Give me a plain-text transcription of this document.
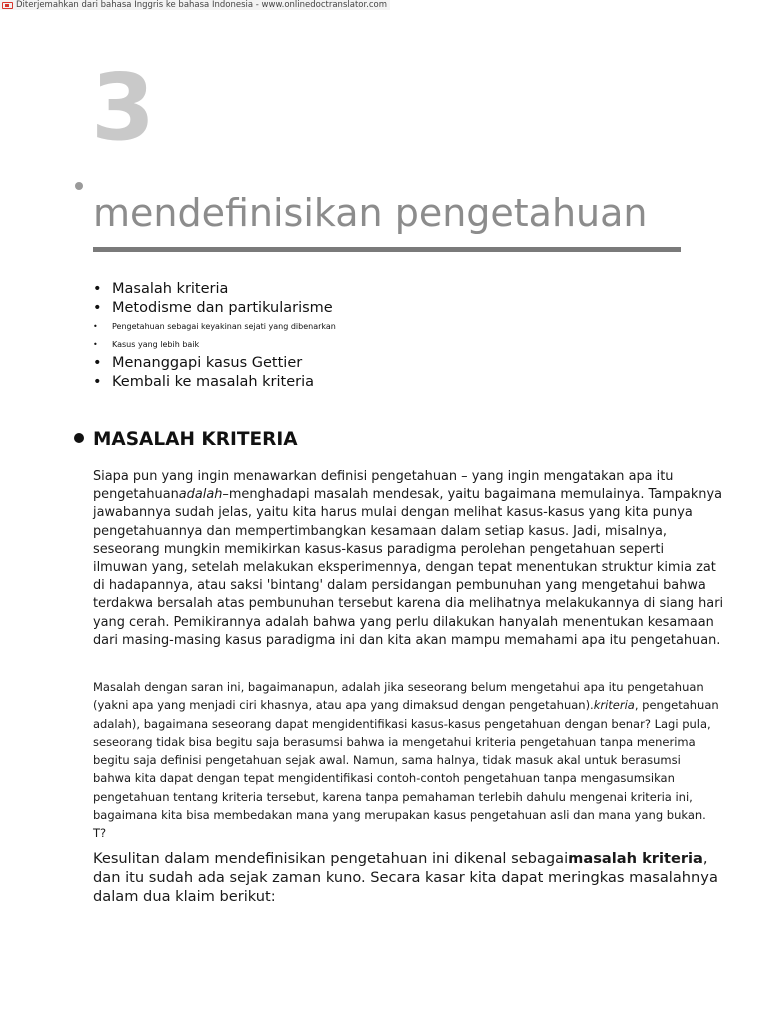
Diterjemahkan dari bahasa Inggris ke bahasa Indonesia - www.onlinedoctranslator.com
3
mendefinisikan pengetahuan
• Masalah kriteria
• Metodisme dan partikularisme
• Pengetahuan sebagai keyakinan sejati yang dibenarkan
• Kasus yang lebih baik
• Menanggapi kasus Gettier
• Kembali ke masalah kriteria
MASALAH KRITERIA

Siapa pun yang ingin menawarkan definisi pengetahuan – yang ingin mengatakan apa itu
pengetahuanadalah–menghadapi masalah mendesak, yaitu bagaimana memulainya. Tampaknya
jawabannya sudah jelas, yaitu kita harus mulai dengan melihat kasus-kasus yang kita punya
pengetahuannya dan mempertimbangkan kesamaan dalam setiap kasus. Jadi, misalnya,
seseorang mungkin memikirkan kasus-kasus paradigma perolehan pengetahuan seperti
ilmuwan yang, setelah melakukan eksperimennya, dengan tepat menentukan struktur kimia zat
di hadapannya, atau saksi 'bintang' dalam persidangan pembunuhan yang mengetahui bahwa
terdakwa bersalah atas pembunuhan tersebut karena dia melihatnya melakukannya di siang hari
yang cerah. Pemikirannya adalah bahwa yang perlu dilakukan hanyalah menentukan kesamaan
dari masing-masing kasus paradigma ini dan kita akan mampu memahami apa itu pengetahuan.

Masalah dengan saran ini, bagaimanapun, adalah jika seseorang belum mengetahui apa itu pengetahuan
(yakni apa yang menjadi ciri khasnya, atau apa yang dimaksud dengan pengetahuan).kriteria, pengetahuan
adalah), bagaimana seseorang dapat mengidentifikasi kasus-kasus pengetahuan dengan benar? Lagi pula,
seseorang tidak bisa begitu saja berasumsi bahwa ia mengetahui kriteria pengetahuan tanpa menerima
begitu saja definisi pengetahuan sejak awal. Namun, sama halnya, tidak masuk akal untuk berasumsi
bahwa kita dapat dengan tepat mengidentifikasi contoh-contoh pengetahuan tanpa mengasumsikan
pengetahuan tentang kriteria tersebut, karena tanpa pemahaman terlebih dahulu mengenai kriteria ini,
bagaimana kita bisa membedakan mana yang merupakan kasus pengetahuan asli dan mana yang bukan.
T?

Kesulitan dalam mendefinisikan pengetahuan ini dikenal sebagaimasalah kriteria,
dan itu sudah ada sejak zaman kuno. Secara kasar kita dapat meringkas masalahnya
dalam dua klaim berikut:
